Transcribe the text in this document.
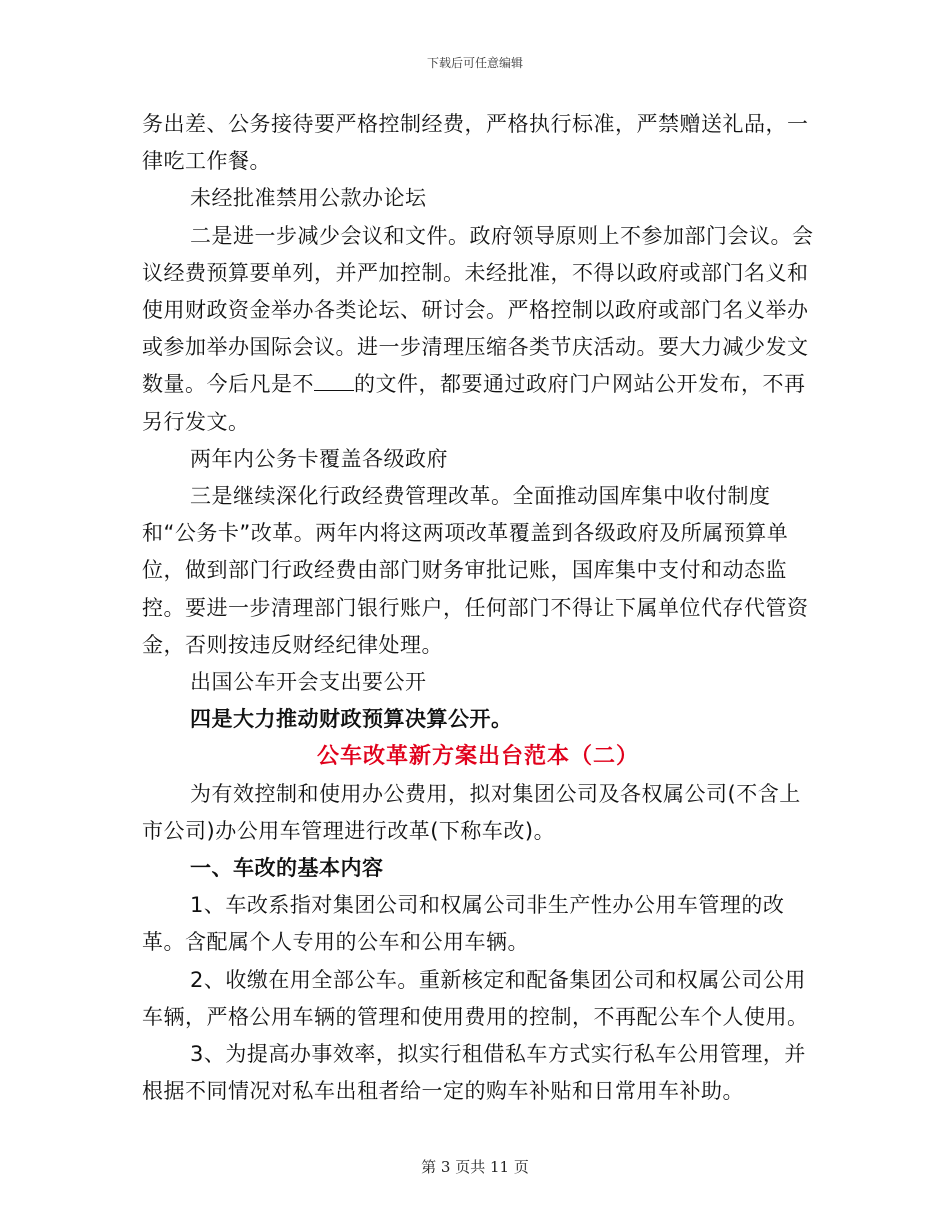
下载后可任意编辑

务出差、公务接待要严格控制经费，严格执行标准，严禁赠送礼品，一律吃工作餐。

未经批准禁用公款办论坛

二是进一步减少会议和文件。政府领导原则上不参加部门会议。会议经费预算要单列，并严加控制。未经批准，不得以政府或部门名义和使用财政资金举办各类论坛、研讨会。严格控制以政府或部门名义举办或参加举办国际会议。进一步清理压缩各类节庆活动。要大力减少发文数量。今后凡是不 的文件，都要通过政府门户网站公开发布，不再另行发文。

两年内公务卡覆盖各级政府

三是继续深化行政经费管理改革。全面推动国库集中收付制度和“公务卡”改革。两年内将这两项改革覆盖到各级政府及所属预算单位，做到部门行政经费由部门财务审批记账，国库集中支付和动态监控。要进一步清理部门银行账户，任何部门不得让下属单位代存代管资金，否则按违反财经纪律处理。

出国公车开会支出要公开

四是大力推动财政预算决算公开。

公车改革新方案出台范本（二）

为有效控制和使用办公费用，拟对集团公司及各权属公司(不含上市公司)办公用车管理进行改革(下称车改)。

一、车改的基本内容

1、车改系指对集团公司和权属公司非生产性办公用车管理的改革。含配属个人专用的公车和公用车辆。

2、收缴在用全部公车。重新核定和配备集团公司和权属公司公用车辆，严格公用车辆的管理和使用费用的控制，不再配公车个人使用。

3、为提高办事效率，拟实行租借私车方式实行私车公用管理，并根据不同情况对私车出租者给一定的购车补贴和日常用车补助。

第 3 页共 11 页
